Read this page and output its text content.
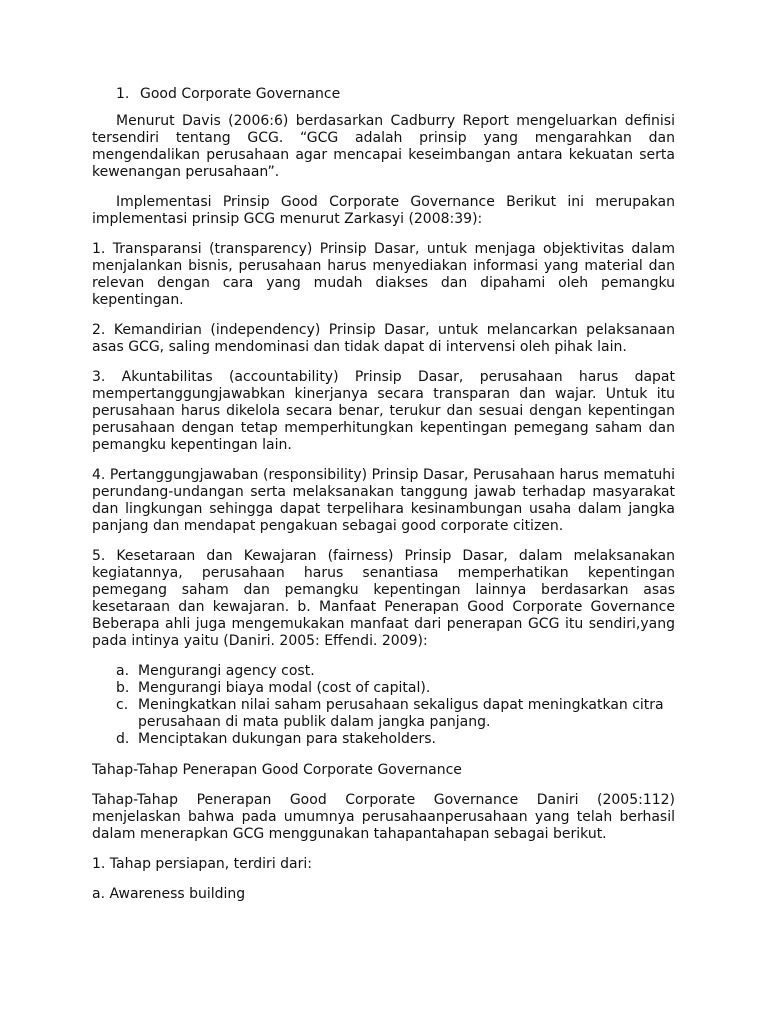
1. Good Corporate Governance

Menurut Davis (2006:6) berdasarkan Cadburry Report mengeluarkan definisi tersendiri tentang GCG. “GCG adalah prinsip yang mengarahkan dan mengendalikan perusahaan agar mencapai keseimbangan antara kekuatan serta kewenangan perusahaan”.

Implementasi Prinsip Good Corporate Governance Berikut ini merupakan implementasi prinsip GCG menurut Zarkasyi (2008:39):

1. Transparansi (transparency) Prinsip Dasar, untuk menjaga objektivitas dalam menjalankan bisnis, perusahaan harus menyediakan informasi yang material dan relevan dengan cara yang mudah diakses dan dipahami oleh pemangku kepentingan.

2. Kemandirian (independency) Prinsip Dasar, untuk melancarkan pelaksanaan asas GCG, saling mendominasi dan tidak dapat di intervensi oleh pihak lain.

3. Akuntabilitas (accountability) Prinsip Dasar, perusahaan harus dapat mempertanggungjawabkan kinerjanya secara transparan dan wajar. Untuk itu perusahaan harus dikelola secara benar, terukur dan sesuai dengan kepentingan perusahaan dengan tetap memperhitungkan kepentingan pemegang saham dan pemangku kepentingan lain.

4. Pertanggungjawaban (responsibility) Prinsip Dasar, Perusahaan harus mematuhi perundang-undangan serta melaksanakan tanggung jawab terhadap masyarakat dan lingkungan sehingga dapat terpelihara kesinambungan usaha dalam jangka panjang dan mendapat pengakuan sebagai good corporate citizen.

5. Kesetaraan dan Kewajaran (fairness) Prinsip Dasar, dalam melaksanakan kegiatannya, perusahaan harus senantiasa memperhatikan kepentingan pemegang saham dan pemangku kepentingan lainnya berdasarkan asas kesetaraan dan kewajaran. b. Manfaat Penerapan Good Corporate Governance Beberapa ahli juga mengemukakan manfaat dari penerapan GCG itu sendiri,yang pada intinya yaitu (Daniri. 2005: Effendi. 2009):

a. Mengurangi agency cost.
b. Mengurangi biaya modal (cost of capital).
c. Meningkatkan nilai saham perusahaan sekaligus dapat meningkatkan citra perusahaan di mata publik dalam jangka panjang.
d. Menciptakan dukungan para stakeholders.

Tahap-Tahap Penerapan Good Corporate Governance

Tahap-Tahap Penerapan Good Corporate Governance Daniri (2005:112) menjelaskan bahwa pada umumnya perusahaanperusahaan yang telah berhasil dalam menerapkan GCG menggunakan tahapantahapan sebagai berikut.

1. Tahap persiapan, terdiri dari:

a. Awareness building
